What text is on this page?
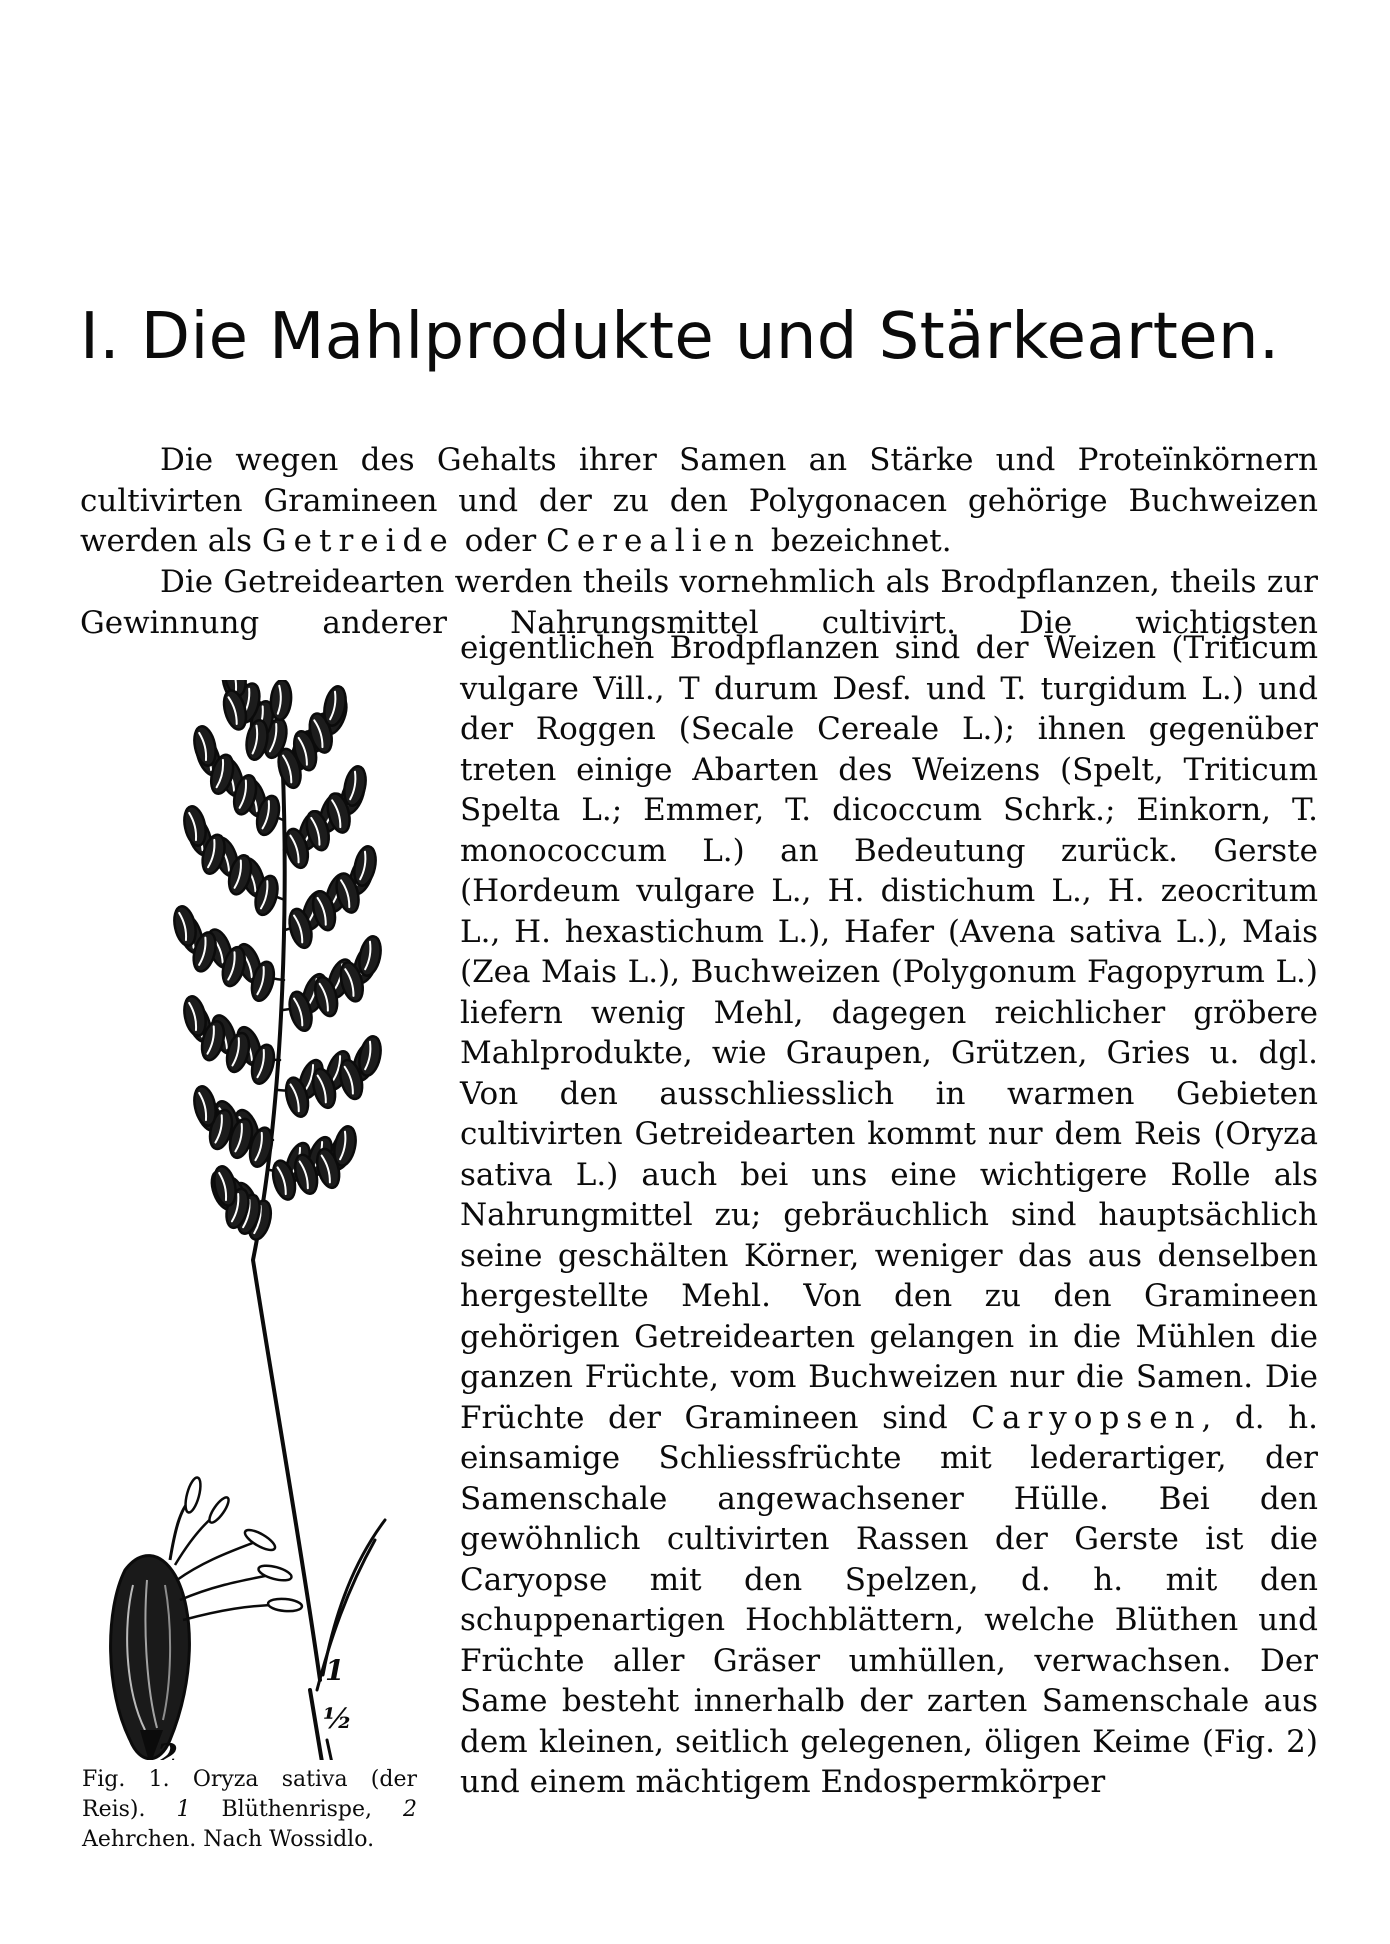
I. Die Mahlprodukte und Stärkearten.

Die wegen des Gehalts ihrer Samen an Stärke und Proteïnkörnern cultivirten Gramineen und der zu den Polygonacen gehörige Buchweizen werden als Getreide oder Cerealien bezeichnet.

Die Getreidearten werden theils vornehmlich als Brodpflanzen, theils zur Gewinnung anderer Nahrungsmittel cultivirt. Die wichtigsten

eigentlichen Brodpflanzen sind der Weizen (Triticum vulgare Vill., T durum Desf. und T. turgidum L.) und der Roggen (Secale Cereale L.); ihnen gegenüber treten einige Abarten des Weizens (Spelt, Triticum Spelta L.; Emmer, T. dicoccum Schrk.; Einkorn, T. monococcum L.) an Bedeutung zurück. Gerste (Hordeum vulgare L., H. distichum L., H. zeocritum L., H. hexastichum L.), Hafer (Avena sativa L.), Mais (Zea Mais L.), Buchweizen (Polygonum Fagopyrum L.) liefern wenig Mehl, dagegen reichlicher gröbere Mahlprodukte, wie Graupen, Grützen, Gries u. dgl. Von den ausschliesslich in warmen Gebieten cultivirten Getreidearten kommt nur dem Reis (Oryza sativa L.) auch bei uns eine wichtigere Rolle als Nahrungmittel zu; gebräuchlich sind hauptsächlich seine geschälten Körner, weniger das aus denselben hergestellte Mehl. Von den zu den Gramineen gehörigen Getreidearten gelangen in die Mühlen die ganzen Früchte, vom Buchweizen nur die Samen. Die Früchte der Gramineen sind Caryopsen, d. h. einsamige Schliessfrüchte mit lederartiger, der Samenschale angewachsener Hülle. Bei den gewöhnlich cultivirten Rassen der Gerste ist die Caryopse mit den Spelzen, d. h. mit den schuppenartigen Hochblättern, welche Blüthen und Früchte aller Gräser umhüllen, verwachsen. Der Same besteht innerhalb der zarten Samenschale aus dem kleinen, seitlich gelegenen, öligen Keime (Fig. 2) und einem mächtigem Endospermkörper
2
1
½
Fig. 1. Oryza sativa (der Reis). 1 Blüthenrispe, 2 Aehrchen. Nach Wossidlo.
